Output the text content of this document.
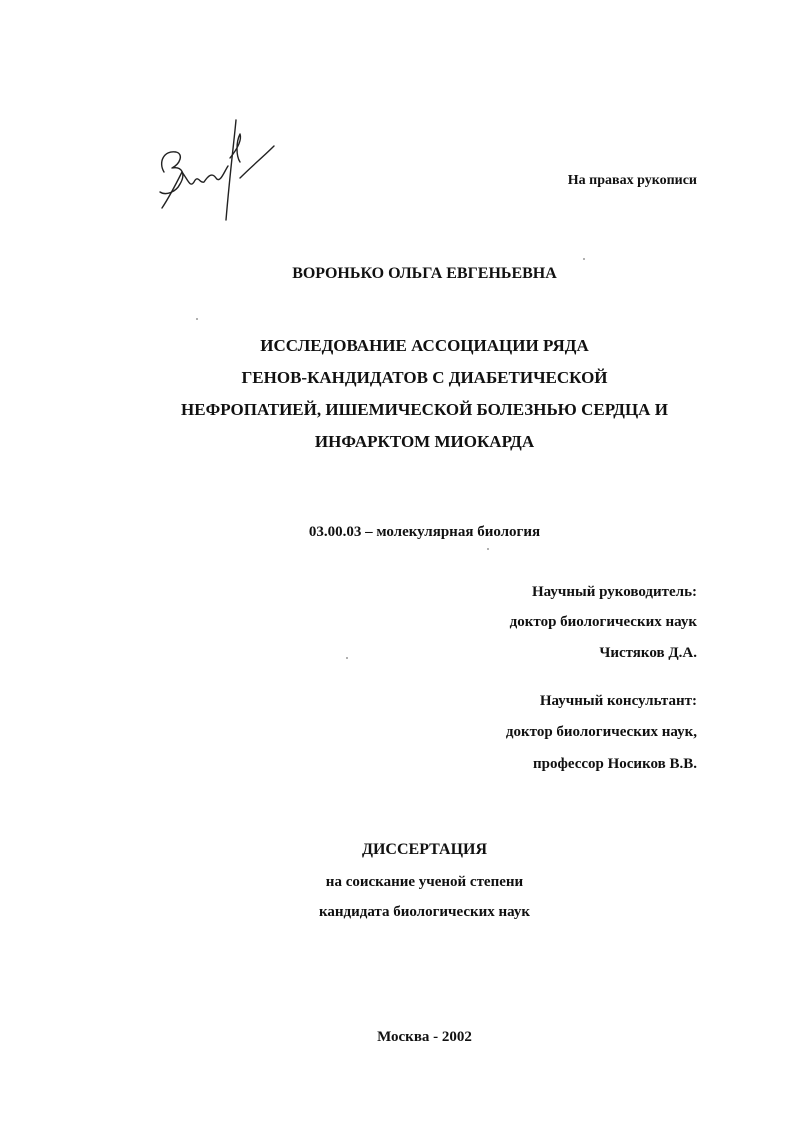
На правах рукописи
ВОРОНЬКО ОЛЬГА ЕВГЕНЬЕВНА
ИССЛЕДОВАНИЕ АССОЦИАЦИИ РЯДА
ГЕНОВ-КАНДИДАТОВ С ДИАБЕТИЧЕСКОЙ
НЕФРОПАТИЕЙ, ИШЕМИЧЕСКОЙ БОЛЕЗНЬЮ СЕРДЦА И
ИНФАРКТОМ МИОКАРДА
03.00.03 – молекулярная биология
Научный руководитель:
доктор биологических наук
Чистяков Д.А.
Научный консультант:
доктор биологических наук,
профессор Носиков В.В.
ДИССЕРТАЦИЯ
на соискание ученой степени
кандидата биологических наук
Москва - 2002
